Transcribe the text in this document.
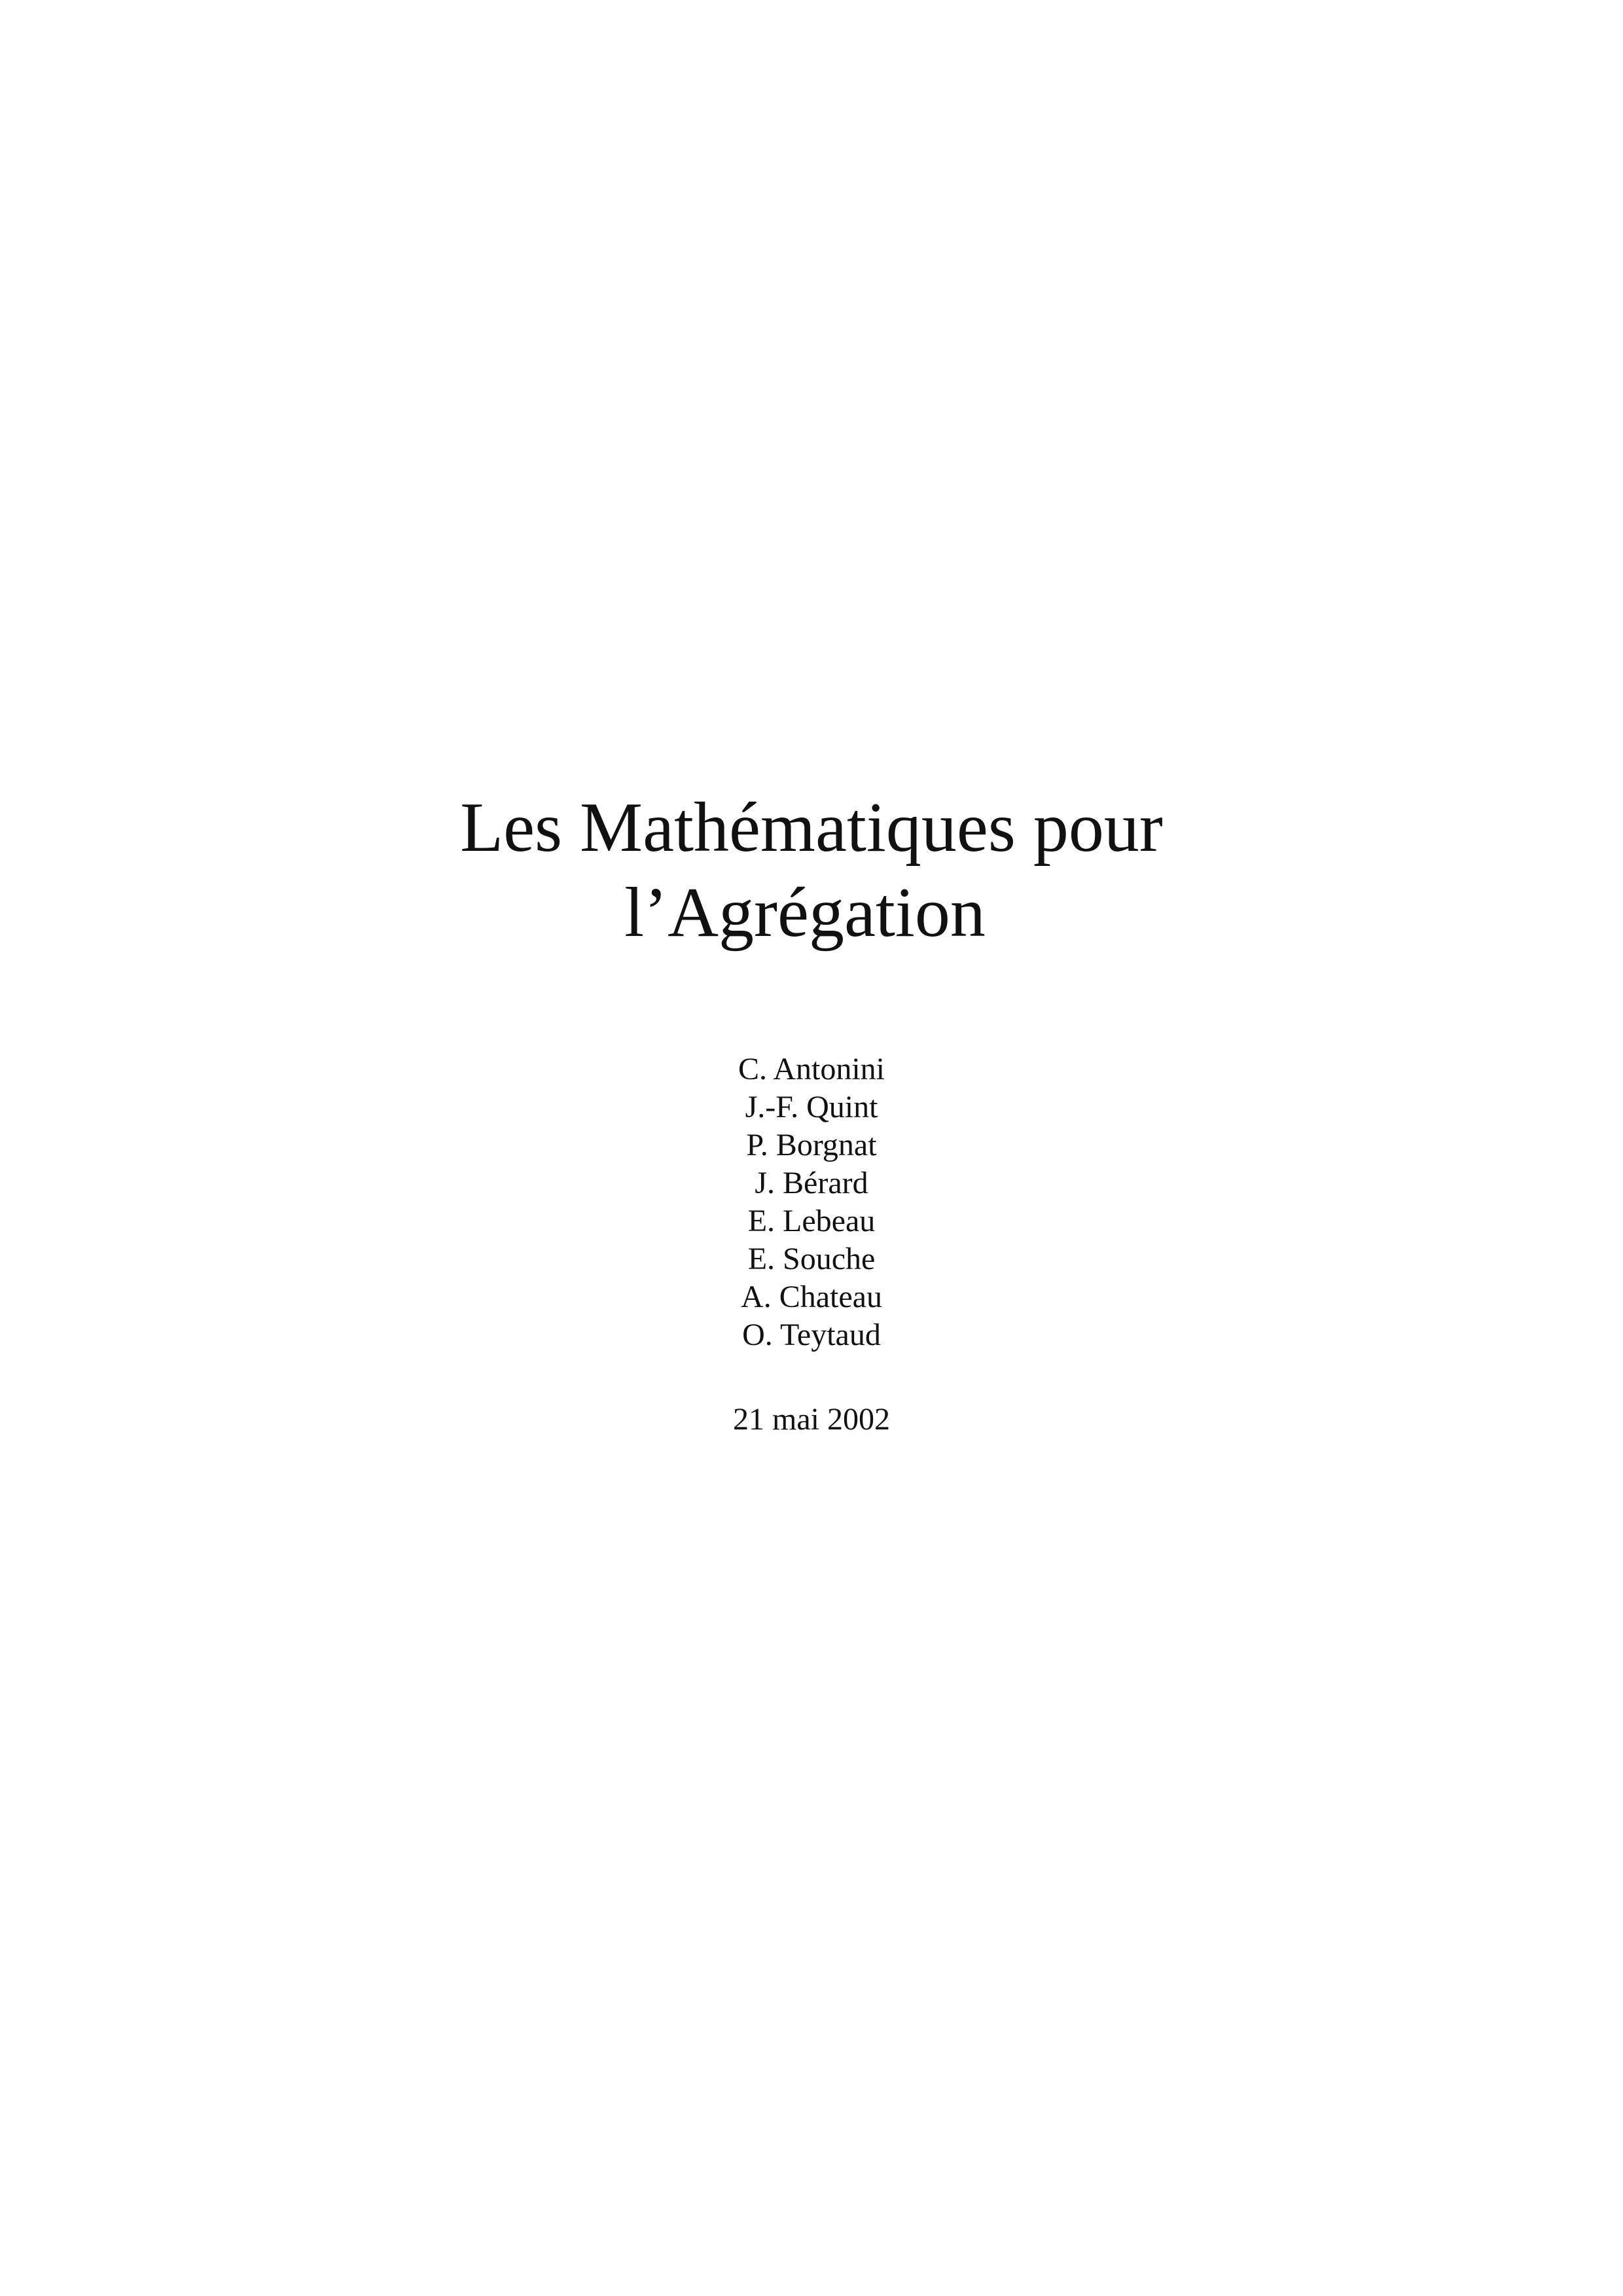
Les Mathématiques pour
l’Agrégation
C. Antonini
J.-F. Quint
P. Borgnat
J. Bérard
E. Lebeau
E. Souche
A. Chateau
O. Teytaud
21 mai 2002
